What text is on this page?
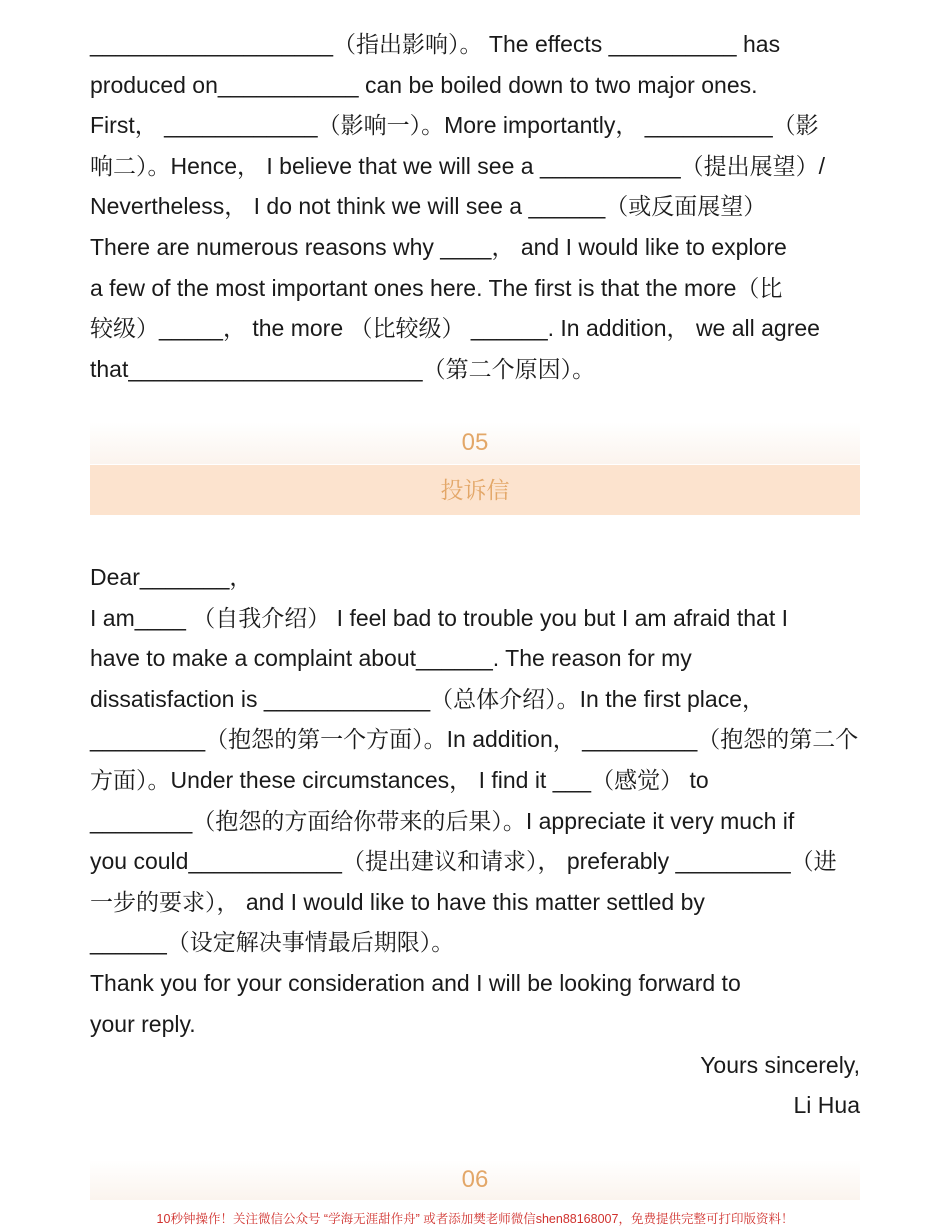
___________________（指出影响）。 The effects __________ has

produced on___________ can be boiled down to two major ones.

First， ____________（影响一）。More importantly， __________（影

响二）。Hence， I believe that we will see a ___________（提出展望）/

Nevertheless， I do not think we will see a ______（或反面展望）

There are numerous reasons why ____， and I would like to explore

a few of the most important ones here. The first is that the more（比

较级）_____， the more （比较级） ______. In addition， we all agree

that_______________________（第二个原因）。

05
投诉信

Dear_______，

I am____ （自我介绍） I feel bad to trouble you but I am afraid that I

have to make a complaint about______. The reason for my

dissatisfaction is _____________（总体介绍）。In the first place，

_________（抱怨的第一个方面）。In addition， _________（抱怨的第二个

方面）。Under these circumstances， I find it ___（感觉） to

________（抱怨的方面给你带来的后果）。I appreciate it very much if

you could____________（提出建议和请求）， preferably _________（进

一步的要求）， and I would like to have this matter settled by

______（设定解决事情最后期限）。

Thank you for your consideration and I will be looking forward to

your reply.

Yours sincerely,
Li Hua
06
10秒钟操作！关注微信公众号 “学海无涯甜作舟” 或者添加樊老师微信shen88168007，免费提供完整可打印版资料！
